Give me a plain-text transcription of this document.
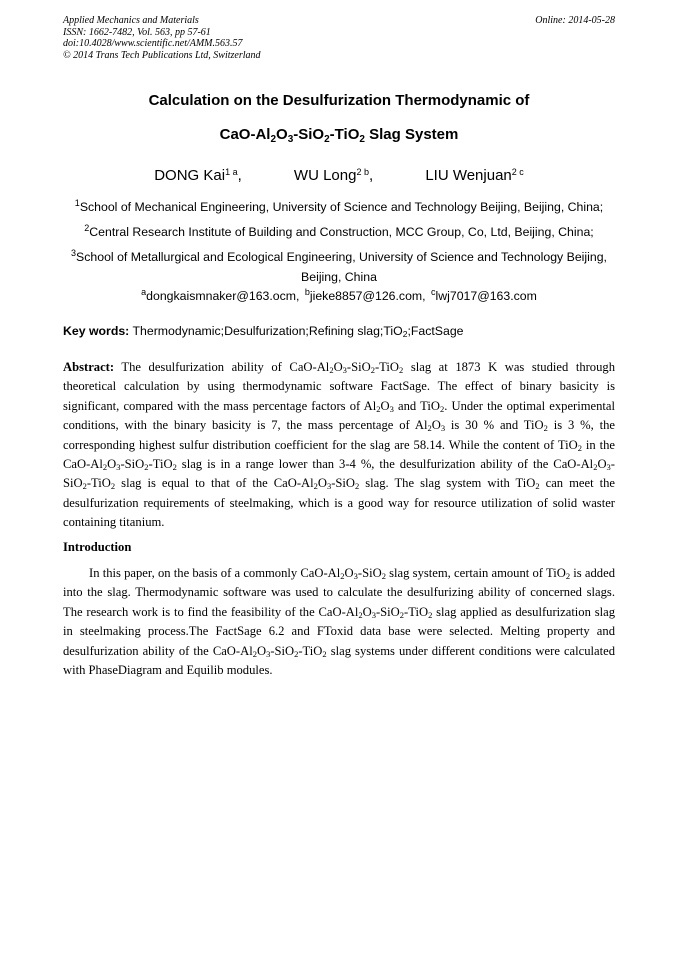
Applied Mechanics and Materials
ISSN: 1662-7482, Vol. 563, pp 57-61
doi:10.4028/www.scientific.net/AMM.563.57
© 2014 Trans Tech Publications Ltd, Switzerland
Online: 2014-05-28
Calculation on the Desulfurization Thermodynamic of
CaO-$Al_2O_3-SiO_2-TiO_2$ Slag System
DONG Kai$^{1 a}$,	WU Long$^{2 b}$,	LIU Wenjuan$^{2 c}$
$^1$School of Mechanical Engineering, University of Science and Technology Beijing, Beijing, China;
$^2$Central Research Institute of Building and Construction, MCC Group, Co, Ltd, Beijing, China;
$^3$School of Metallurgical and Ecological Engineering, University of Science and Technology Beijing, Beijing, China
$^a$dongkaismnaker@163.ocm, $^b$jieke8857@126.com, $^c$lwj7017@163.com
Key words: Thermodynamic;Desulfurization;Refining slag;TiO$_2$;FactSage
Abstract: The desulfurization ability of CaO-$Al_2O_3-SiO_2-TiO_2$ slag at 1873 K was studied through theoretical calculation by using thermodynamic software FactSage. The effect of binary basicity is significant, compared with the mass percentage factors of $Al_2O_3$ and TiO$_2$. Under the optimal experimental conditions, with the binary basicity is 7, the mass percentage of $Al_2O_3$ is 30 % and TiO$_2$ is 3 %, the corresponding highest sulfur distribution coefficient for the slag are 58.14. While the content of TiO$_2$ in the CaO-$Al_2O_3-SiO_2-TiO_2$ slag is in a range lower than 3-4 %, the desulfurization ability of the CaO-$Al_2O_3-SiO_2-TiO_2$ slag is equal to that of the CaO-$Al_2O_3-SiO_2$ slag. The slag system with TiO$_2$ can meet the desulfurization requirements of steelmaking, which is a good way for resource utilization of solid waster containing titanium.
Introduction
In this paper, on the basis of a commonly CaO-$Al_2O_3-SiO_2$ slag system, certain amount of TiO$_2$ is added into the slag. Thermodynamic software was used to calculate the desulfurizing ability of concerned slags. The research work is to find the feasibility of the CaO-$Al_2O_3-SiO_2-TiO_2$ slag applied as desulfurization slag in steelmaking process.The FactSage 6.2 and FToxid data base were selected. Melting property and desulfurization ability of the CaO-$Al_2O_3-SiO_2-TiO_2$ slag systems under different conditions were calculated with PhaseDiagram and Equilib modules.
